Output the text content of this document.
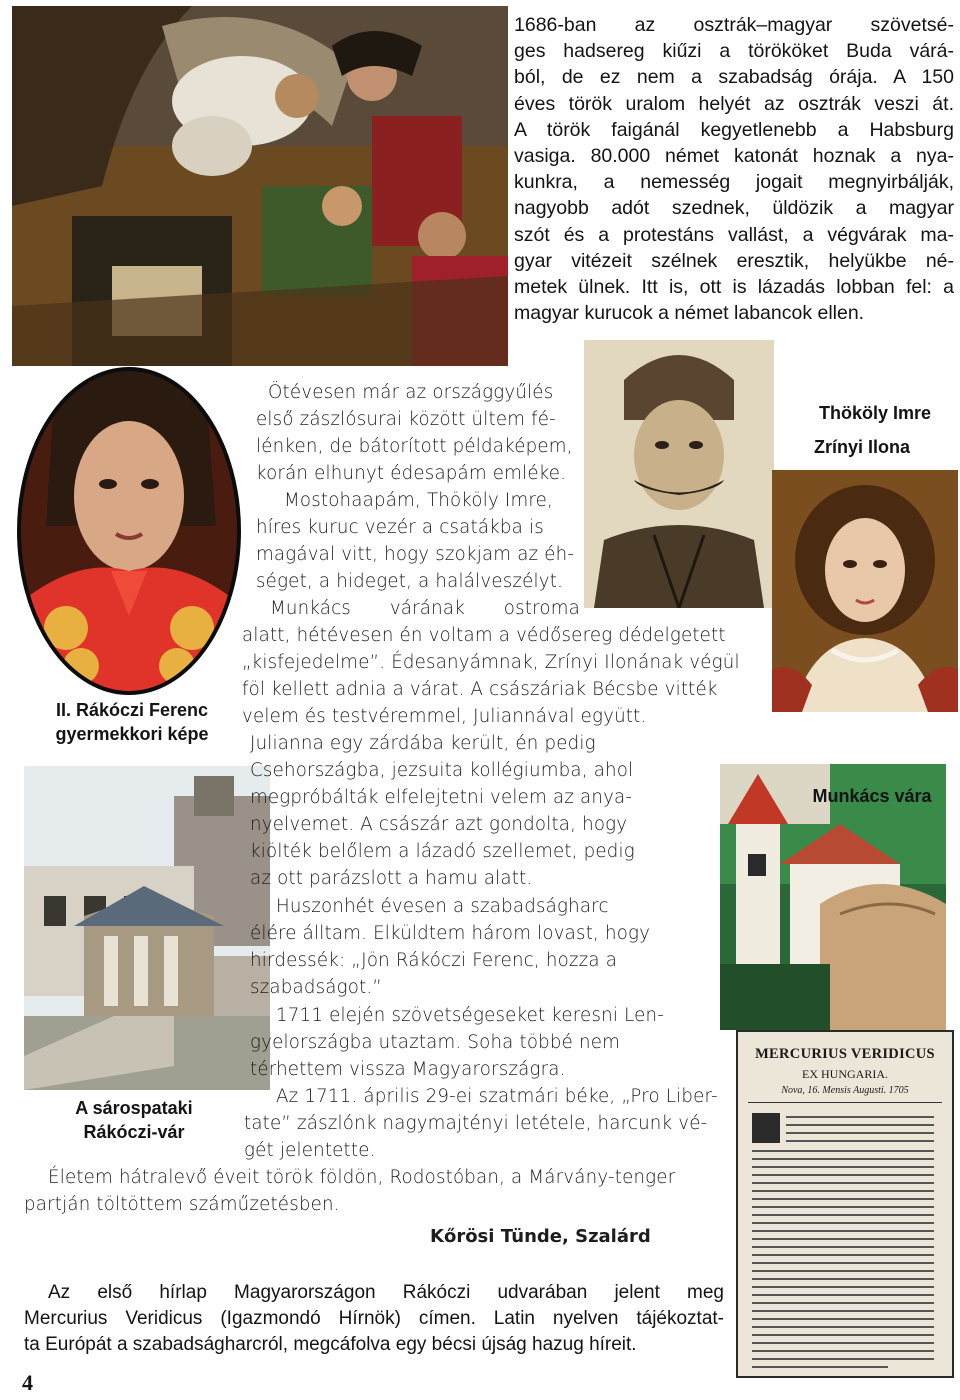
1686-ban az osztrák–magyar szövetsé-
ges hadsereg kiűzi a törököket Buda várá-
ból, de ez nem a szabadság órája. A 150
éves török uralom helyét az osztrák veszi át.
A török faigánál kegyetlenebb a Habsburg
vasiga. 80.000 német katonát hoznak a nya-
kunkra, a nemesség jogait megnyirbálják,
nagyobb adót szednek, üldözik a magyar
szót és a protestáns vallást, a végvárak ma-
gyar vitézeit szélnek eresztik, helyükbe né-
metek ülnek. Itt is, ott is lázadás lobban fel: a
magyar kurucok a német labancok ellen.
MERCURIUS VERIDICUS
EX HUNGARIA.
Nova, 16. Mensis Augusti. 1705
Thököly Imre
Zrínyi Ilona
II. Rákóczi Ferenc
gyermekkori képe
Munkács vára
A sárospataki
Rákóczi-vár
Ötévesen már az országgyűlés
első zászlósurai között ültem fé-
lénken, de bátorított példaképem,
korán elhunyt édesapám emléke.
Mostohaapám, Thököly Imre,
híres kuruc vezér a csatákba is
magával vitt, hogy szokjam az éh-
séget, a hideget, a halálveszélyt.
Munkács várának ostroma
alatt, hétévesen én voltam a védősereg dédelgetett
„kisfejedelme”. Édesanyámnak, Zrínyi Ilonának végül
föl kellett adnia a várat. A császáriak Bécsbe vitték
velem és testvéremmel, Juliannával együtt.
Julianna egy zárdába került, én pedig
Csehországba, jezsuita kollégiumba, ahol
megpróbálták elfelejtetni velem az anya-
nyelvemet. A császár azt gondolta, hogy
kiölték belőlem a lázadó szellemet, pedig
az ott parázslott a hamu alatt.
Huszonhét évesen a szabadságharc
élére álltam. Elküldtem három lovast, hogy
hirdessék: „Jön Rákóczi Ferenc, hozza a
szabadságot.”
1711 elején szövetségeseket keresni Len-
gyelországba utaztam. Soha többé nem
térhettem vissza Magyarországra.
Az 1711. április 29-ei szatmári béke, „Pro Liber-
tate” zászlónk nagymajtényi letétele, harcunk vé-
gét jelentette.
Életem hátralevő éveit török földön, Rodostóban, a Márvány-tenger
partján töltöttem száműzetésben.
Kőrösi Tünde, Szalárd
Az első hírlap Magyarországon Rákóczi udvarában jelent meg
Mercurius Veridicus (Igazmondó Hírnök) címen. Latin nyelven tájékoztat-
ta Európát a szabadságharcról, megcáfolva egy bécsi újság hazug híreit.
4
